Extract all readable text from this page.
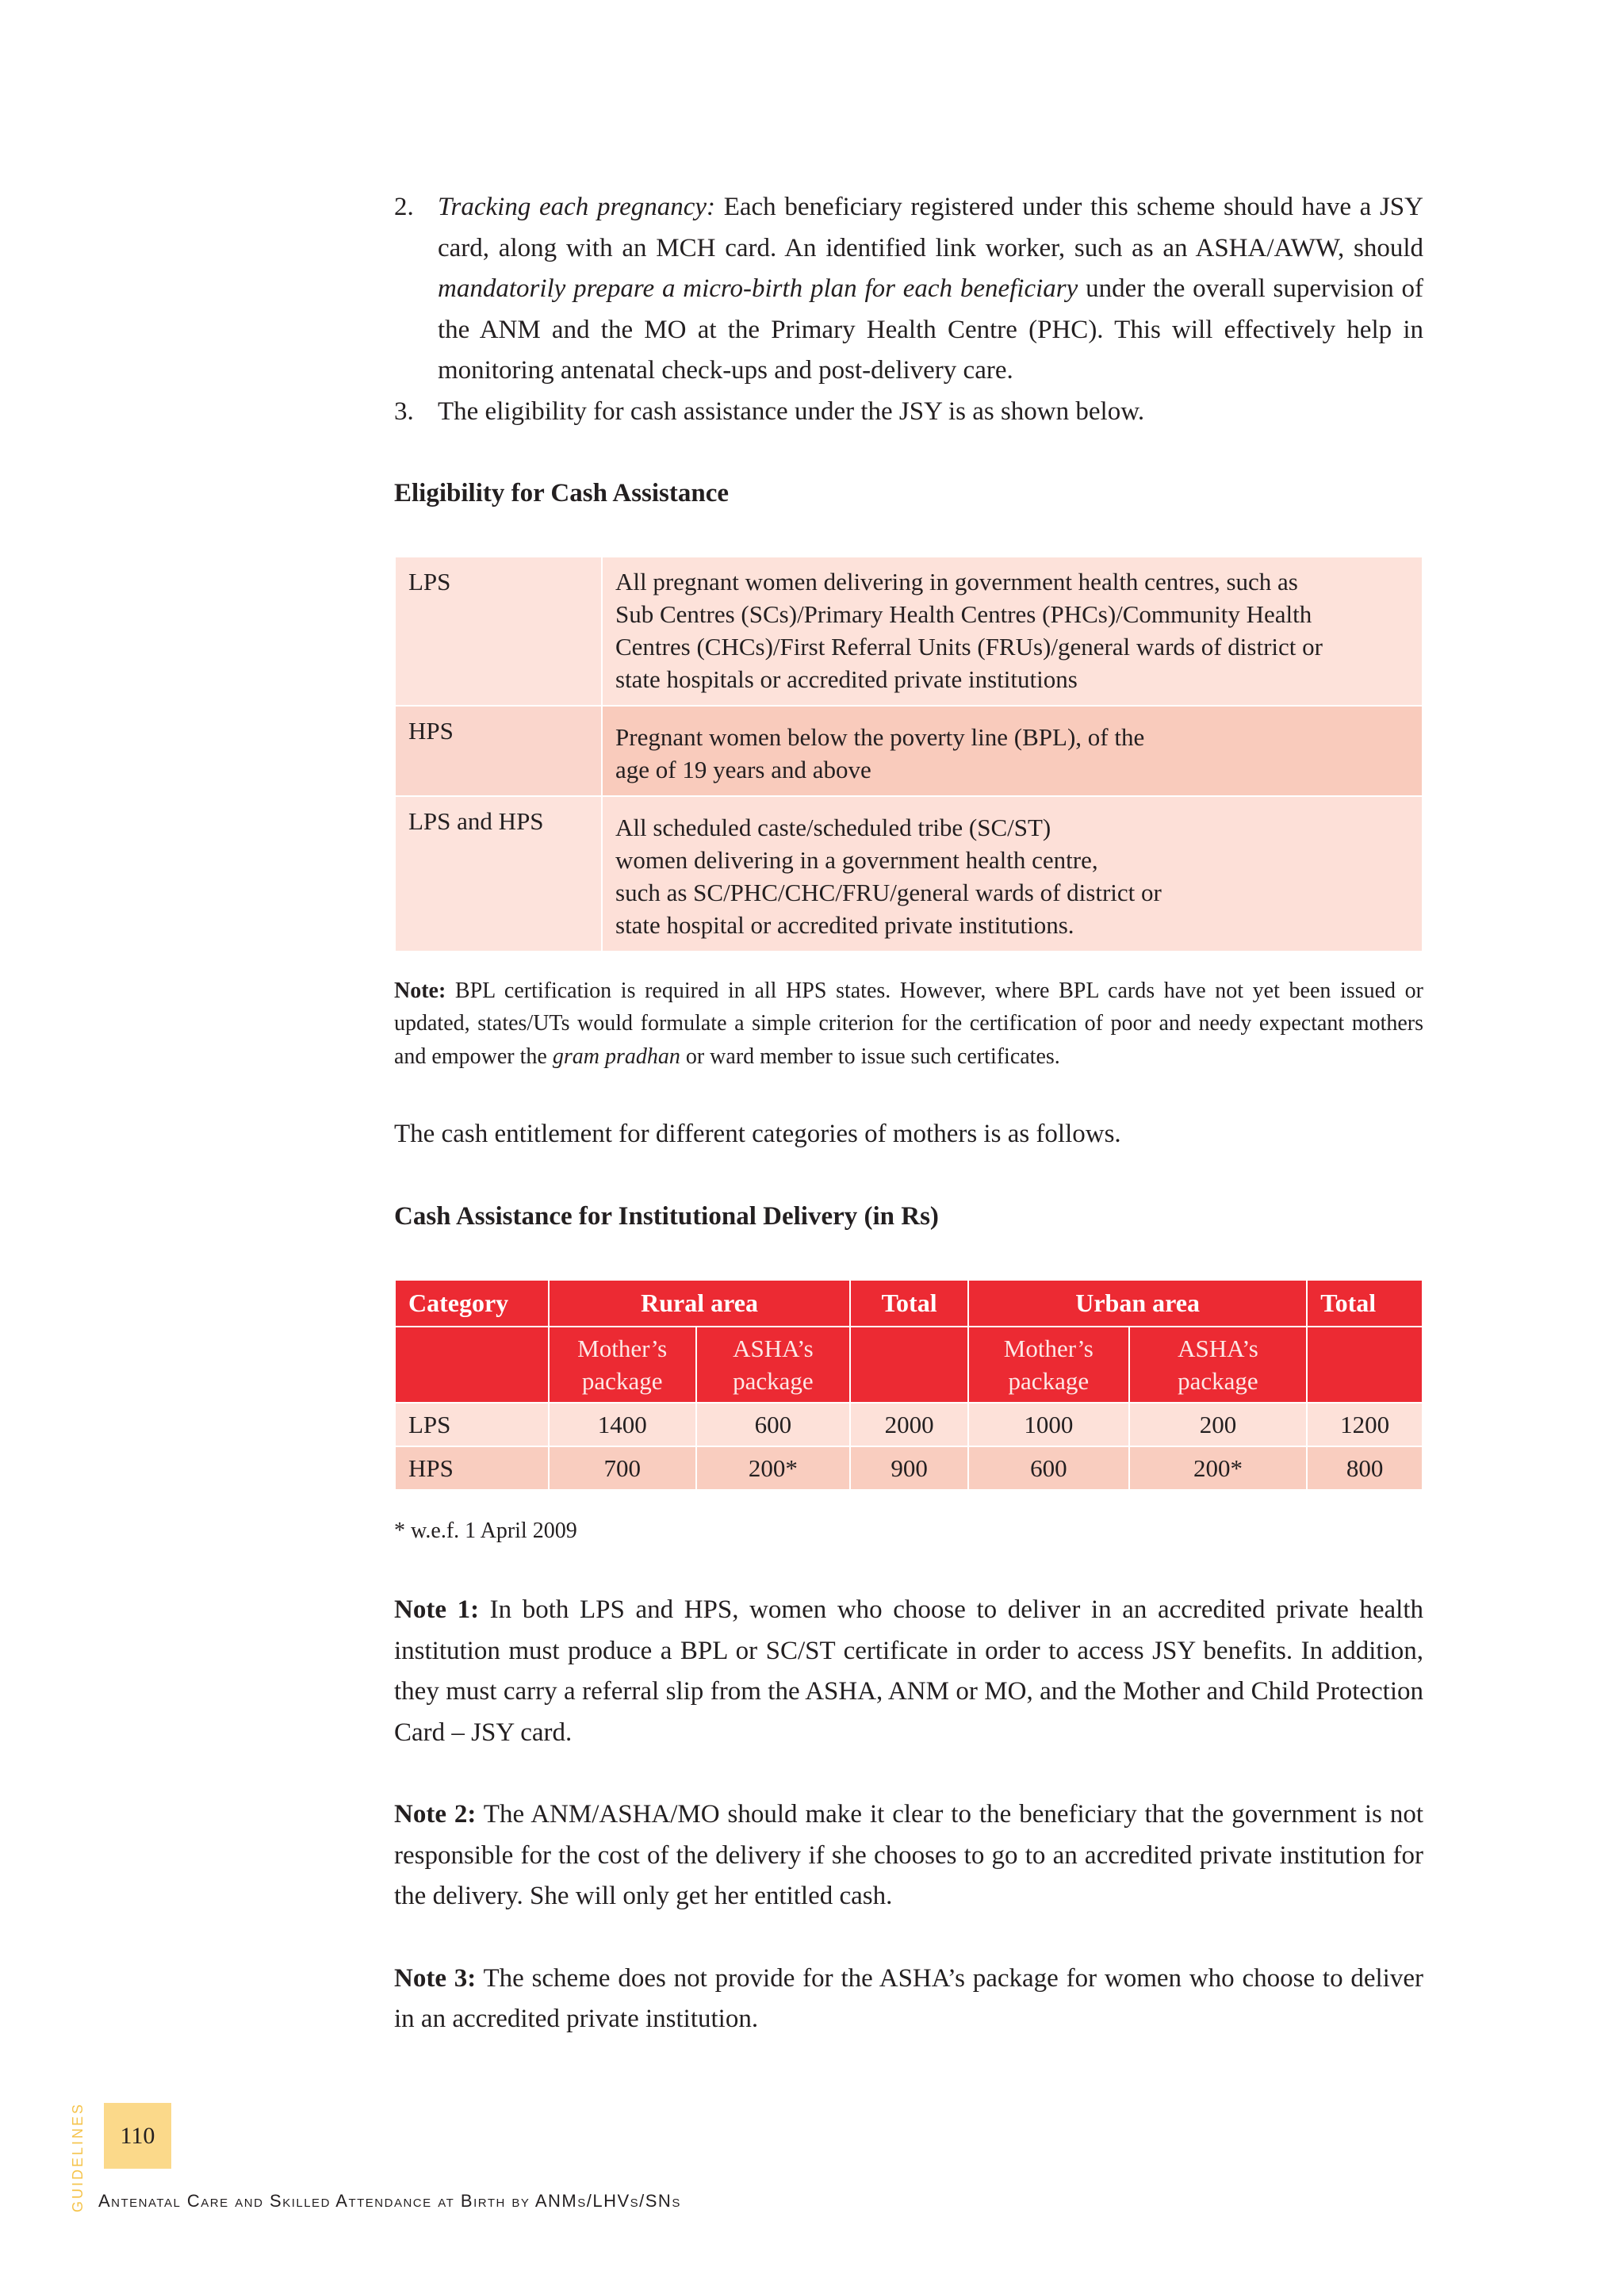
2. Tracking each pregnancy: Each beneficiary registered under this scheme should have a JSY card, along with an MCH card. An identified link worker, such as an ASHA/AWW, should mandatorily prepare a micro-birth plan for each beneficiary under the overall supervision of the ANM and the MO at the Primary Health Centre (PHC). This will effectively help in monitoring antenatal check-ups and post-delivery care.
3. The eligibility for cash assistance under the JSY is as shown below.

Eligibility for Cash Assistance

LPS	All pregnant women delivering in government health centres, such as
Sub Centres (SCs)/Primary Health Centres (PHCs)/Community Health
Centres (CHCs)/First Referral Units (FRUs)/general wards of district or
state hospitals or accredited private institutions

HPS	Pregnant women below the poverty line (BPL), of the
age of 19 years and above

LPS and HPS	All scheduled caste/scheduled tribe (SC/ST)
women delivering in a government health centre,
such as SC/PHC/CHC/FRU/general wards of district or
state hospital or accredited private institutions.

Note: BPL certification is required in all HPS states. However, where BPL cards have not yet been issued or updated, states/UTs would formulate a simple criterion for the certification of poor and needy expectant mothers and empower the gram pradhan or ward member to issue such certificates.

The cash entitlement for different categories of mothers is as follows.

Cash Assistance for Institutional Delivery (in Rs)

Category	Rural area		Total	Urban area		Total
	Mother’s package	ASHA’s package		Mother’s package	ASHA’s package	
LPS	1400	600	2000	1000	200	1200
HPS	700	200*	900	600	200*	800
* w.e.f. 1 April 2009

Note 1: In both LPS and HPS, women who choose to deliver in an accredited private health institution must produce a BPL or SC/ST certificate in order to access JSY benefits. In addition, they must carry a referral slip from the ASHA, ANM or MO, and the Mother and Child Protection Card – JSY card.

Note 2: The ANM/ASHA/MO should make it clear to the beneficiary that the government is not responsible for the cost of the delivery if she chooses to go to an accredited private institution for the delivery. She will only get her entitled cash.

Note 3: The scheme does not provide for the ASHA’s package for women who choose to deliver in an accredited private institution.

GUIDELINES	110
Antenatal Care and Skilled Attendance at Birth by ANMs/LHVs/SNs
